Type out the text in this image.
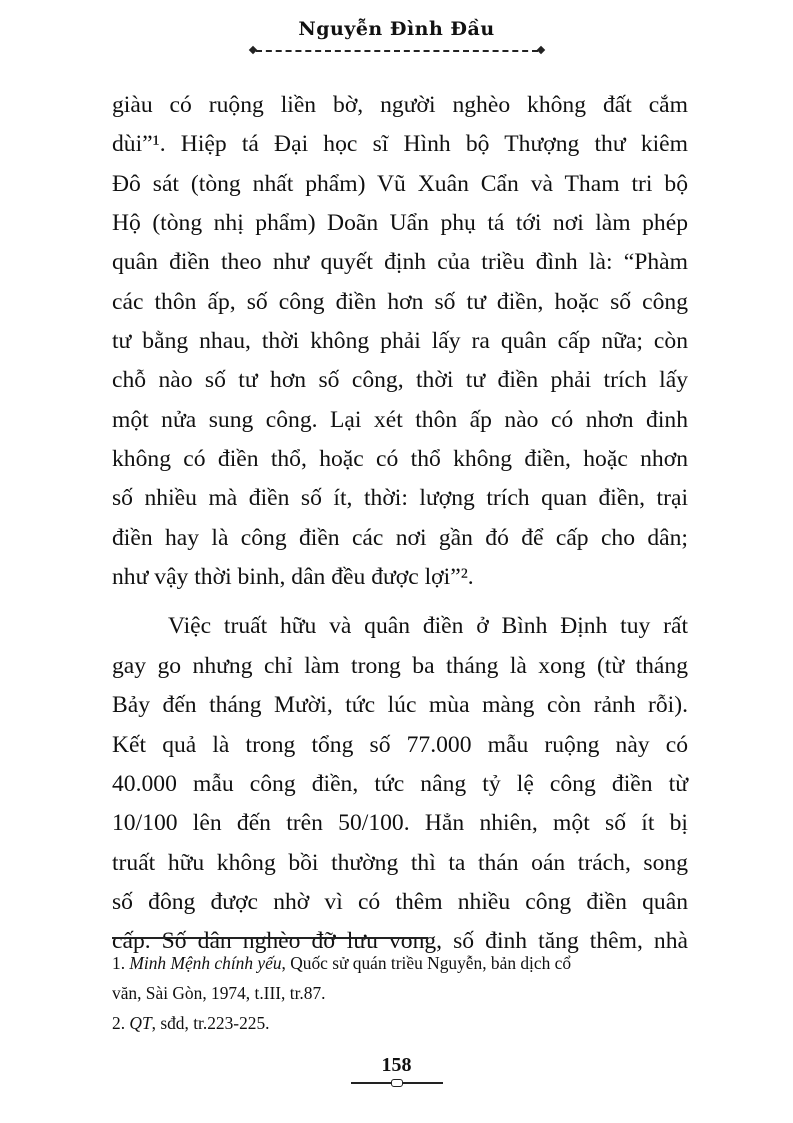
Nguyễn Đình Đầu
giàu có ruộng liền bờ, người nghèo không đất cắm
dùi”¹. Hiệp tá Đại học sĩ Hình bộ Thượng thư kiêm
Đô sát (tòng nhất phẩm) Vũ Xuân Cẩn và Tham tri bộ
Hộ (tòng nhị phẩm) Doãn Uẩn phụ tá tới nơi làm phép
quân điền theo như quyết định của triều đình là: “Phàm
các thôn ấp, số công điền hơn số tư điền, hoặc số công
tư bằng nhau, thời không phải lấy ra quân cấp nữa; còn
chỗ nào số tư hơn số công, thời tư điền phải trích lấy
một nửa sung công. Lại xét thôn ấp nào có nhơn đinh
không có điền thổ, hoặc có thổ không điền, hoặc nhơn
số nhiều mà điền số ít, thời: lượng trích quan điền, trại
điền hay là công điền các nơi gần đó để cấp cho dân;
như vậy thời binh, dân đều được lợi”².
Việc truất hữu và quân điền ở Bình Định tuy rất
gay go nhưng chỉ làm trong ba tháng là xong (từ tháng
Bảy đến tháng Mười, tức lúc mùa màng còn rảnh rỗi).
Kết quả là trong tổng số 77.000 mẫu ruộng này có
40.000 mẫu công điền, tức nâng tỷ lệ công điền từ
10/100 lên đến trên 50/100. Hẳn nhiên, một số ít bị
truất hữu không bồi thường thì ta thán oán trách, song
số đông được nhờ vì có thêm nhiều công điền quân
cấp. Số dân nghèo đỡ lưu vong, số đinh tăng thêm, nhà
1. Minh Mệnh chính yếu, Quốc sử quán triều Nguyễn, bản dịch cổ
văn, Sài Gòn, 1974, t.III, tr.87.
2. QT, sđd, tr.223-225.
158
